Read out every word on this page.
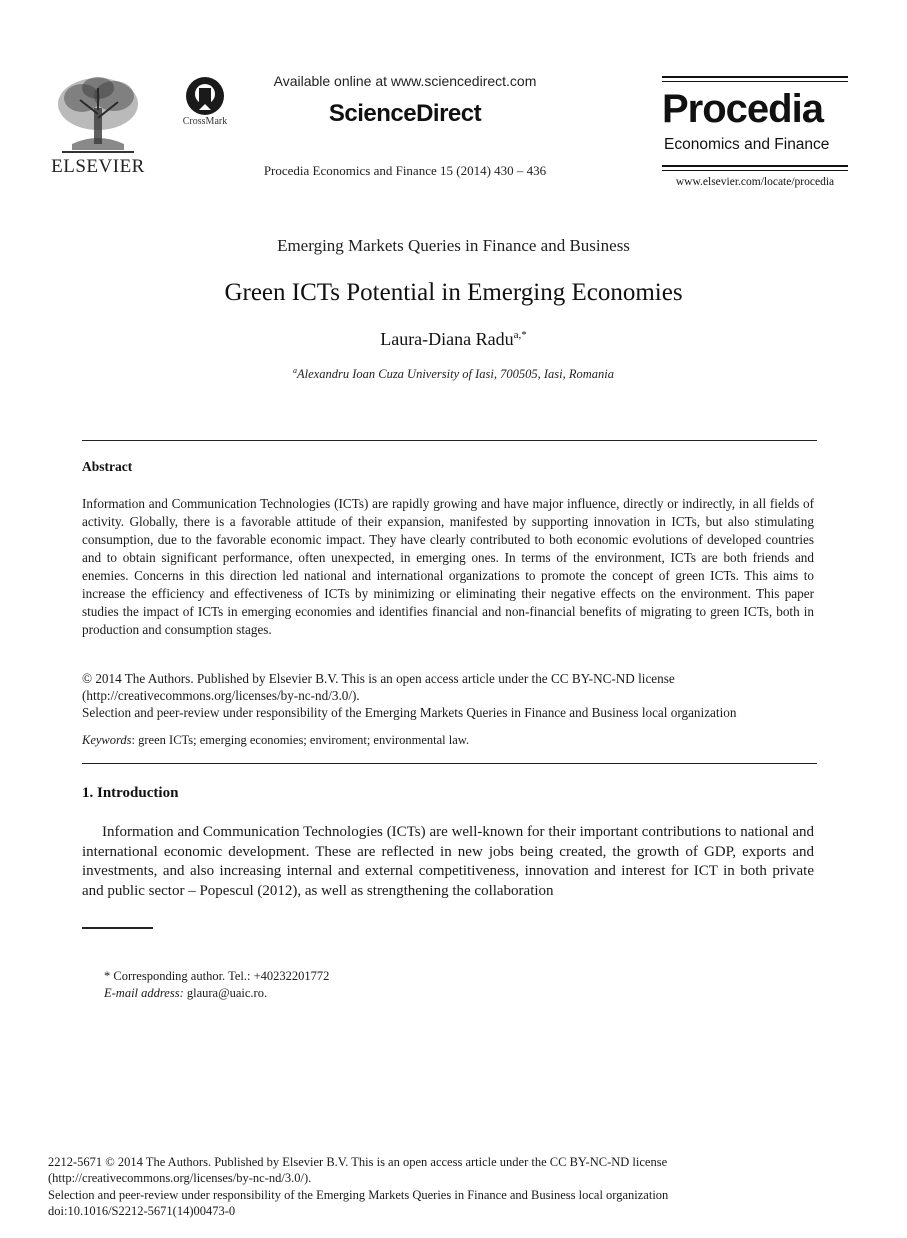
ELSEVIER
CrossMark
Available online at www.sciencedirect.com
ScienceDirect
Procedia Economics and Finance 15 (2014) 430 – 436
Procedia
Economics and Finance
www.elsevier.com/locate/procedia
Emerging Markets Queries in Finance and Business
Green ICTs Potential in Emerging Economies
Laura-Diana Radu$^{a,*}$
$^a$Alexandru Ioan Cuza University of Iasi, 700505, Iasi, Romania
Abstract
Information and Communication Technologies (ICTs) are rapidly growing and have major influence, directly or indirectly, in all fields of activity. Globally, there is a favorable attitude of their expansion, manifested by supporting innovation in ICTs, but also stimulating consumption, due to the favorable economic impact. They have clearly contributed to both economic evolutions of developed countries and to obtain significant performance, often unexpected, in emerging ones. In terms of the environment, ICTs are both friends and enemies. Concerns in this direction led national and international organizations to promote the concept of green ICTs. This aims to increase the efficiency and effectiveness of ICTs by minimizing or eliminating their negative effects on the environment. This paper studies the impact of ICTs in emerging economies and identifies financial and non-financial benefits of migrating to green ICTs, both in production and consumption stages.
© 2014 The Authors. Published by Elsevier B.V. This is an open access article under the CC BY-NC-ND license
(http://creativecommons.org/licenses/by-nc-nd/3.0/).
Selection and peer-review under responsibility of the Emerging Markets Queries in Finance and Business local organization
Keywords: green ICTs; emerging economies; enviroment; environmental law.
1. Introduction
Information and Communication Technologies (ICTs) are well-known for their important contributions to national and international economic development. These are reflected in new jobs being created, the growth of GDP, exports and investments, and also increasing internal and external competitiveness, innovation and interest for ICT in both private and public sector – Popescul (2012), as well as strengthening the collaboration
* Corresponding author. Tel.: +40232201772
E-mail address: glaura@uaic.ro.
2212-5671 © 2014 The Authors. Published by Elsevier B.V. This is an open access article under the CC BY-NC-ND license
(http://creativecommons.org/licenses/by-nc-nd/3.0/).
Selection and peer-review under responsibility of the Emerging Markets Queries in Finance and Business local organization
doi:10.1016/S2212-5671(14)00473-0
